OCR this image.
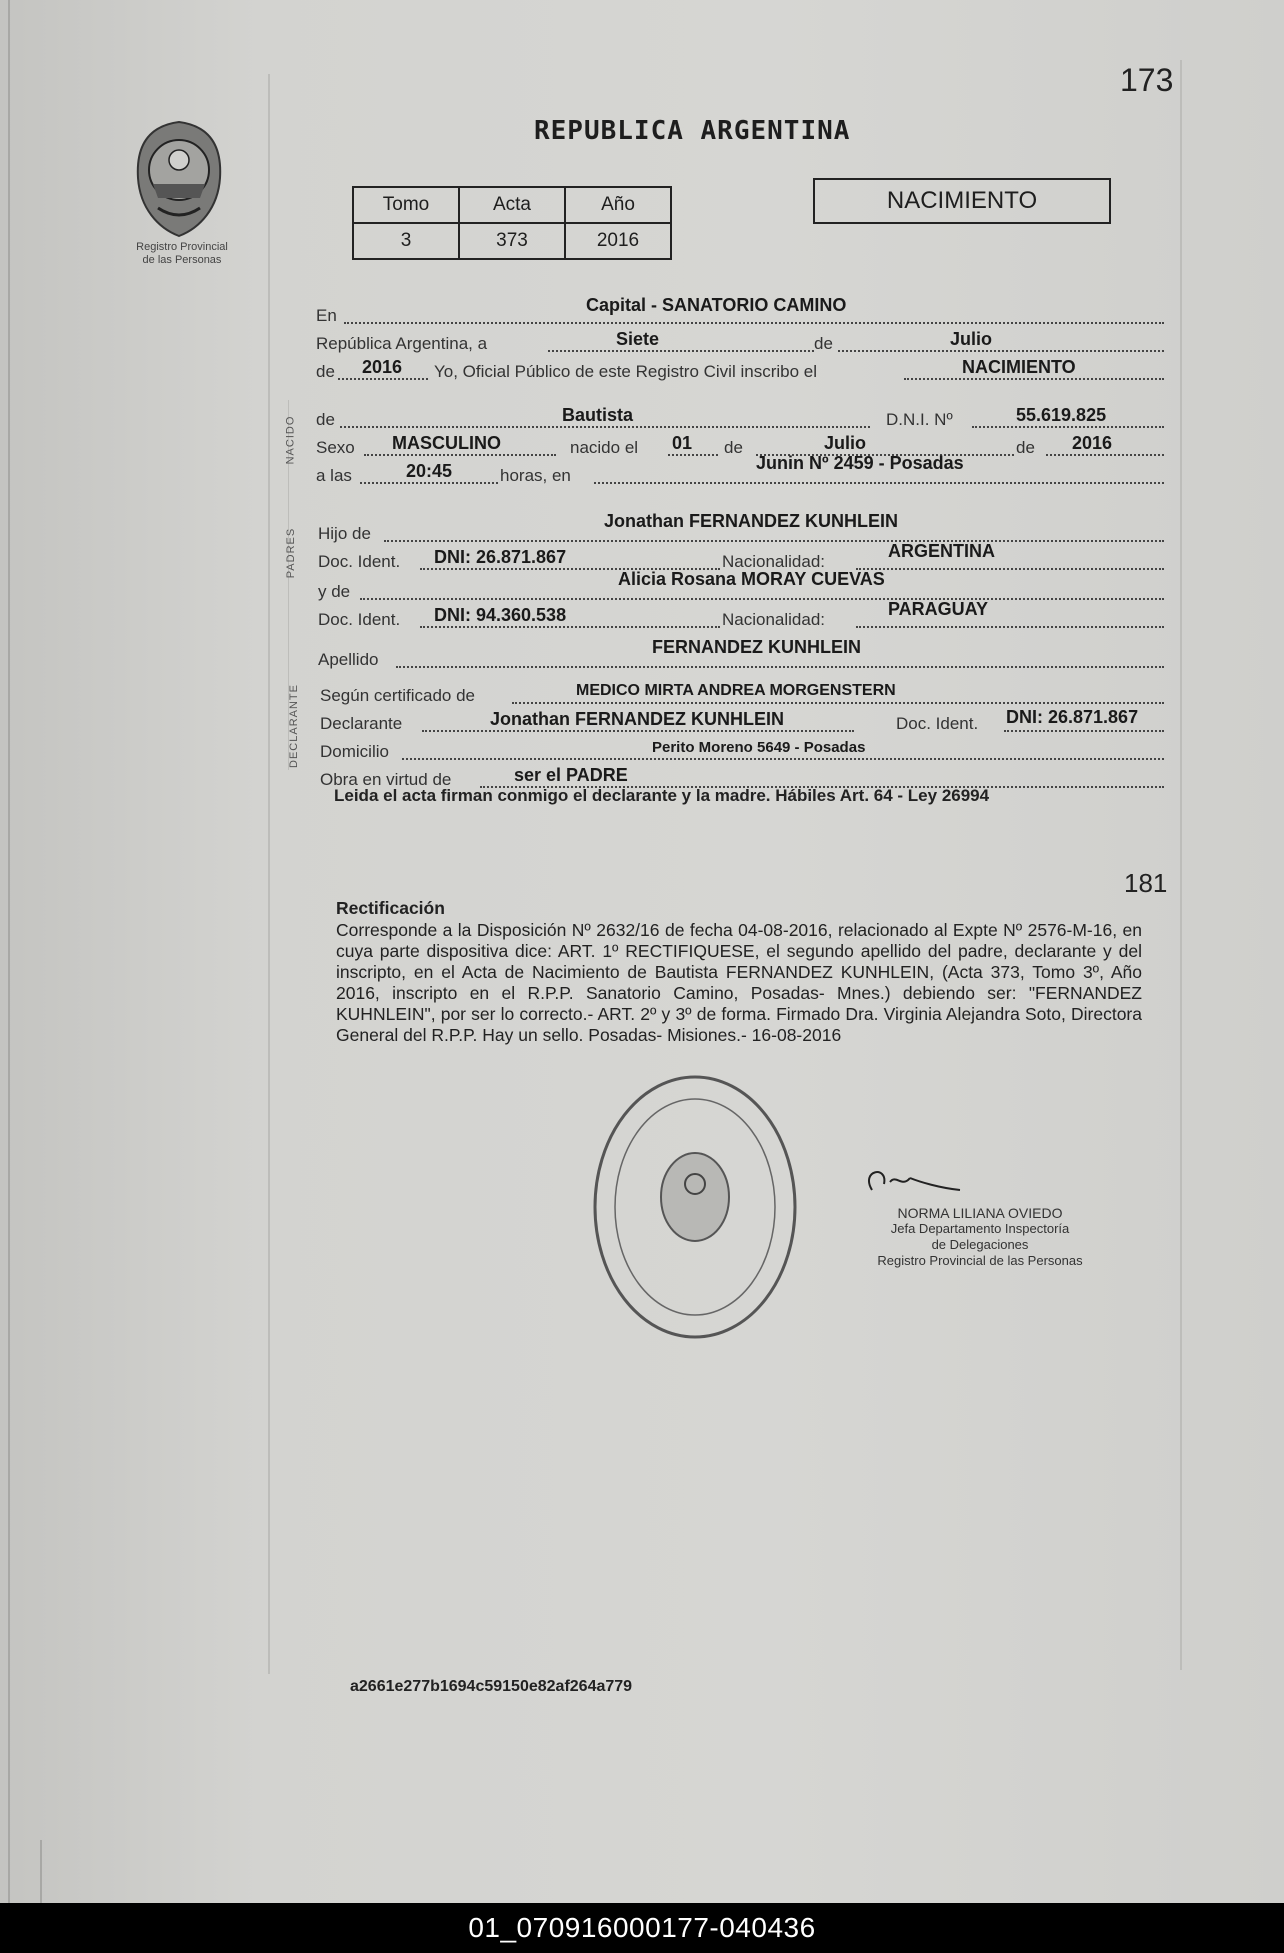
173
Registro Provincial
de las Personas
REPUBLICA ARGENTINA
Tomo	Acta	Año
3	373	2016
NACIMIENTO
NACIDO
PADRES
DECLARANTE
En
Capital - SANATORIO CAMINO
República Argentina, a	Siete	de	Julio
de 2016 Yo, Oficial Público de este Registro Civil inscribo el	NACIMIENTO
de	Bautista	D.N.I. Nº	55.619.825
Sexo MASCULINO	nacido el 01 de	Julio	de 2016
a las	20:45	horas, en
Junin Nº 2459 - Posadas
Hijo de
Jonathan FERNANDEZ KUNHLEIN
Doc. Ident. DNI: 26.871.867	Nacionalidad:
ARGENTINA
y de
Alicia Rosana MORAY CUEVAS
Doc. Ident. DNI: 94.360.538	Nacionalidad:
PARAGUAY
Apellido
FERNANDEZ KUNHLEIN
Según certificado de	MEDICO MIRTA ANDREA MORGENSTERN
Declarante	Jonathan FERNANDEZ KUNHLEIN	Doc. Ident. DNI: 26.871.867
Domicilio	Perito Moreno 5649 - Posadas
Obra en virtud de	ser el PADRE
Leida el acta firman conmigo el declarante y la madre. Hábiles Art. 64 - Ley 26994
181
Rectificación
Corresponde a la Disposición Nº 2632/16 de fecha 04-08-2016, relacionado al Expte Nº 2576-M-16, en cuya parte dispositiva dice: ART. 1º RECTIFIQUESE, el segundo apellido del padre, declarante y del inscripto, en el Acta de Nacimiento de Bautista FERNANDEZ KUNHLEIN, (Acta 373, Tomo 3º, Año 2016, inscripto en el R.P.P. Sanatorio Camino, Posadas- Mnes.) debiendo ser: "FERNANDEZ KUHNLEIN", por ser lo correcto.- ART. 2º y 3º de forma. Firmado Dra. Virginia Alejandra Soto, Directora General del R.P.P. Hay un sello. Posadas- Misiones.- 16-08-2016
NORMA LILIANA OVIEDO
Jefa Departamento Inspectoría
de Delegaciones
Registro Provincial de las Personas
a2661e277b1694c59150e82af264a779
01_070916000177-040436
